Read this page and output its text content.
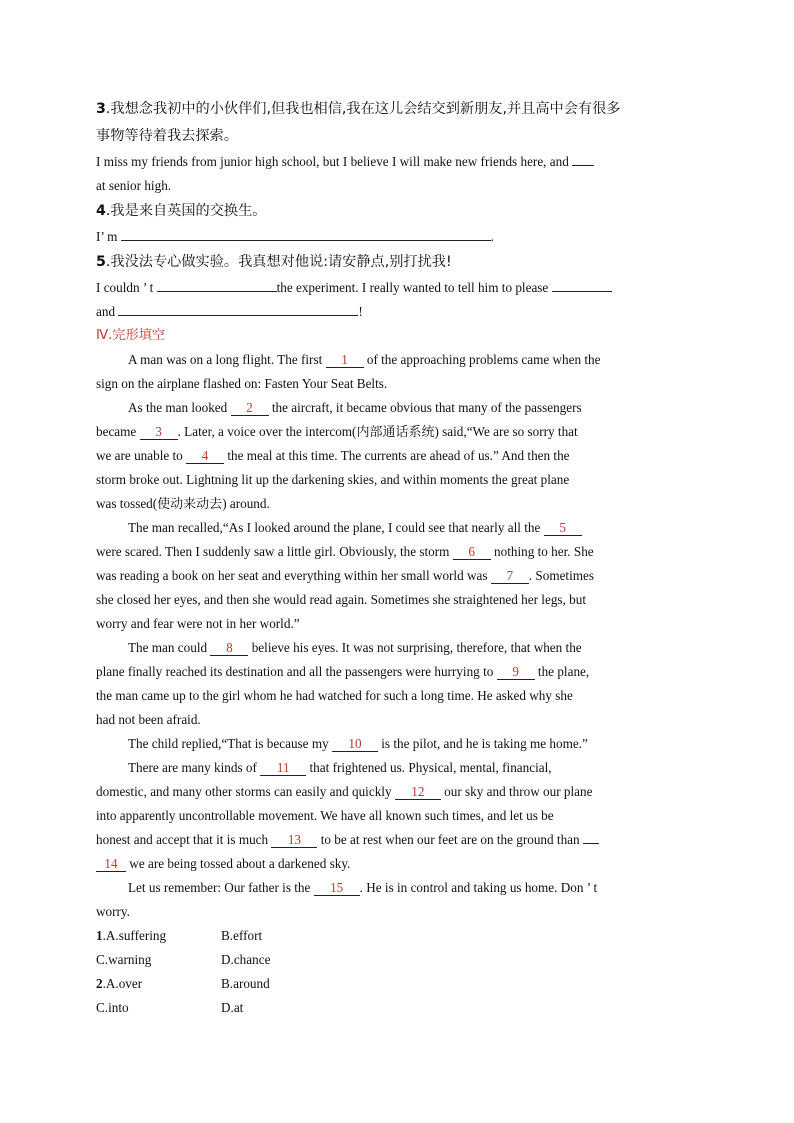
3.我想念我初中的小伙伴们,但我也相信,我在这儿会结交到新朋友,并且高中会有很多
事物等待着我去探索。
I miss my friends from junior high school, but I believe I will make new friends here, and
at senior high.
4.我是来自英国的交换生。
I’ m	.
5.我没法专心做实验。我真想对他说:请安静点,别打扰我!
I couldn ’ t	the experiment. I really wanted to tell him to please
and	!
Ⅳ.完形填空
A man was on a long flight. The first 1 of the approaching problems came when the
sign on the airplane flashed on: Fasten Your Seat Belts.
As the man looked 2 the aircraft, it became obvious that many of the passengers
became 3 . Later, a voice over the intercom(内部通话系统) said,“We are so sorry that
we are unable to 4 the meal at this time. The currents are ahead of us.” And then the
storm broke out. Lightning lit up the darkening skies, and within moments the great plane
was tossed(使动来动去) around.
The man recalled,“As I looked around the plane, I could see that nearly all the 5
were scared. Then I suddenly saw a little girl. Obviously, the storm 6 nothing to her. She
was reading a book on her seat and everything within her small world was 7 . Sometimes
she closed her eyes, and then she would read again. Sometimes she straightened her legs, but
worry and fear were not in her world.”
The man could 8 believe his eyes. It was not surprising, therefore, that when the
plane finally reached its destination and all the passengers were hurrying to 9 the plane,
the man came up to the girl whom he had watched for such a long time. He asked why she
had not been afraid.
The child replied,“That is because my 10 is the pilot, and he is taking me home.”
There are many kinds of 11 that frightened us. Physical, mental, financial,
domestic, and many other storms can easily and quickly 12 our sky and throw our plane
into apparently uncontrollable movement. We have all known such times, and let us be
honest and accept that it is much 13 to be at rest when our feet are on the ground than
14 we are being tossed about a darkened sky.
Let us remember: Our father is the 15 . He is in control and taking us home. Don ’ t
worry.
1.A.suffering	B.effort
C.warning	D.chance
2.A.over	B.around
C.into	D.at
